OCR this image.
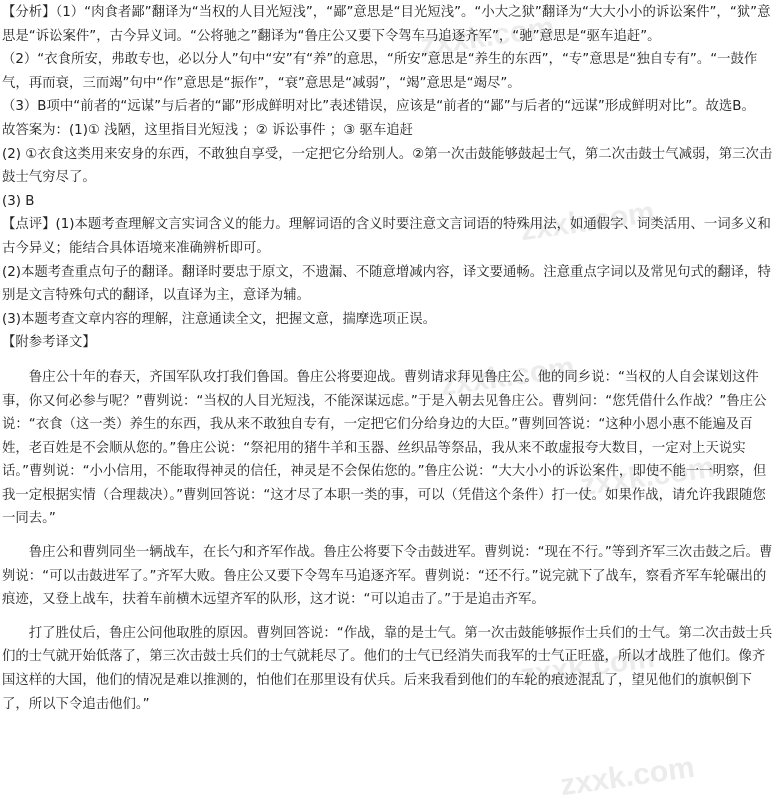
zxxk.com
zxxk.com
zxxk.com
zxxk.com
zxxk.com
zxxk.com

【分析】（1）“肉食者鄙”翻译为“当权的人目光短浅”，“鄙”意思是“目光短浅”。“小大之狱”翻译为“大大小小的诉讼案件”，“狱”意思是“诉讼案件”，古今异义词。“公将驰之”翻译为“鲁庄公又要下令驾车马追逐齐军”，“驰”意思是“驱车追赶”。

（2）“衣食所安，弗敢专也，必以分人”句中“安”有“养”的意思，“所安”意思是“养生的东西”，“专”意思是“独自专有”。“一鼓作气，再而衰，三而竭”句中“作”意思是“振作”，“衰”意思是“减弱”，“竭”意思是“竭尽”。

（3）B项中“前者的“远谋”与后者的“鄙”形成鲜明对比”表述错误，应该是“前者的“鄙”与后者的“远谋”形成鲜明对比”。故选B。

故答案为：(1)① 浅陋，这里指目光短浅 ；② 诉讼事件 ；③ 驱车追赶

(2) ①衣食这类用来安身的东西，不敢独自享受，一定把它分给别人。②第一次击鼓能够鼓起士气，第二次击鼓士气减弱，第三次击鼓士气穷尽了。

(3) B

【点评】(1)本题考查理解文言实词含义的能力。理解词语的含义时要注意文言词语的特殊用法，如通假字、词类活用、一词多义和古今异义；能结合具体语境来准确辨析即可。

(2)本题考查重点句子的翻译。翻译时要忠于原文，不遗漏、不随意增减内容，译文要通畅。注意重点字词以及常见句式的翻译，特别是文言特殊句式的翻译，以直译为主，意译为辅。

(3)本题考查文章内容的理解，注意通读全文，把握文意，揣摩选项正误。

【附参考译文】

鲁庄公十年的春天，齐国军队攻打我们鲁国。鲁庄公将要迎战。曹刿请求拜见鲁庄公。他的同乡说：“当权的人自会谋划这件事，你又何必参与呢？”曹刿说：“当权的人目光短浅，不能深谋远虑。”于是入朝去见鲁庄公。曹刿问：“您凭借什么作战？”鲁庄公说：“衣食（这一类）养生的东西，我从来不敢独自专有，一定把它们分给身边的大臣。”曹刿回答说：“这种小恩小惠不能遍及百姓，老百姓是不会顺从您的。”鲁庄公说：“祭祀用的猪牛羊和玉器、丝织品等祭品，我从来不敢虚报夸大数目，一定对上天说实话。”曹刿说：“小小信用，不能取得神灵的信任，神灵是不会保佑您的。”鲁庄公说：“大大小小的诉讼案件，即使不能一一明察，但我一定根据实情（合理裁决）。”曹刿回答说：“这才尽了本职一类的事，可以（凭借这个条件）打一仗。如果作战，请允许我跟随您一同去。”

鲁庄公和曹刿同坐一辆战车，在长勺和齐军作战。鲁庄公将要下令击鼓进军。曹刿说：“现在不行。”等到齐军三次击鼓之后。曹刿说：“可以击鼓进军了。”齐军大败。鲁庄公又要下令驾车马追逐齐军。曹刿说：“还不行。”说完就下了战车，察看齐军车轮碾出的痕迹，又登上战车，扶着车前横木远望齐军的队形，这才说：“可以追击了。”于是追击齐军。

打了胜仗后，鲁庄公问他取胜的原因。曹刿回答说：“作战，靠的是士气。第一次击鼓能够振作士兵们的士气。第二次击鼓士兵们的士气就开始低落了，第三次击鼓士兵们的士气就耗尽了。他们的士气已经消失而我军的士气正旺盛，所以才战胜了他们。像齐国这样的大国，他们的情况是难以推测的，怕他们在那里设有伏兵。后来我看到他们的车轮的痕迹混乱了，望见他们的旗帜倒下了，所以下令追击他们。”
